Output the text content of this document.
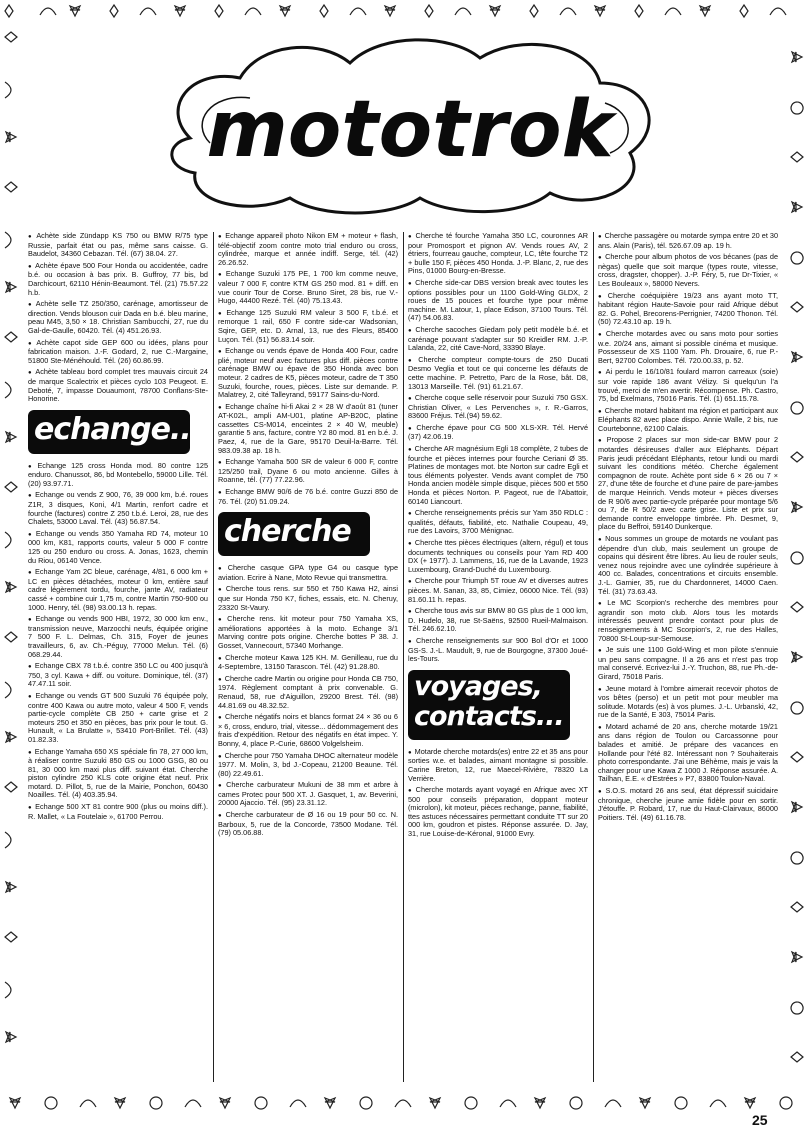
mototrok

● Achète side Zündapp KS 750 ou BMW R/75 type Russie, parfait état ou pas, même sans caisse. G. Baudelot, 34360 Cebazan. Tél. (67) 38.04. 27.

● Achète épave 500 Four Honda ou accidentée, cadre b.é. ou occasion à bas prix. B. Guffroy, 77 bis, bd Darchicourt, 62110 Hénin-Beaumont. Tél. (21) 75.57.22 h.b.

● Achète selle TZ 250/350, carénage, amortisseur de direction. Vends blouson cuir Dada en b.é. bleu marine, peau M45, 3,50 × 18. Christian Sambucchi, 27, rue du Gal-de-Gaulle, 60420. Tél. (4) 451.26.93.

● Achète capot side GEP 600 ou idées, plans pour fabrication maison. J.-F. Godard, 2, rue C.-Margaine, 51800 Ste-Ménéhould. Tél. (26) 60.86.99.

● Achète tableau bord complet tres mauvais circuit 24 de marque Scalectrix et pièces cyclo 103 Peugeot. E. Deboté, 7, impasse Douaumont, 78700 Conflans-Ste-Honorine.

echange..

● Echange 125 cross Honda mod. 80 contre 125 enduro. Chanussot, 86, bd Montebello, 59000 Lille. Tél. (20) 93.97.71.

● Echange ou vends Z 900, 76, 39 000 km, b.é. roues Z1R, 3 disques, Koni, 4/1 Martin, renfort cadre et fourche (factures) contre Z 250 t.b.é. Leroi, 28, rue des Chalets, 53000 Laval. Tél. (43) 56.87.54.

● Echange ou vends 350 Yamaha RD 74, moteur 10 000 km, K81, rapports courts, valeur 5 000 F contre 125 ou 250 enduro ou cross. A. Jonas, 1623, chemin du Riou, 06140 Vence.

● Echange Yam 2C bleue, carénage, 4/81, 6 000 km + LC en pièces détachées, moteur 0 km, entière sauf cadre légèrement tordu, fourche, jante AV, radiateur cassé + combine cuir 1,75 m, contre Martin 750-900 ou 1000. Henry, tél. (98) 93.00.13 h. repas.

● Echange ou vends 900 HBI, 1972, 30 000 km env., transmission neuve, Marzocchi neufs, équipée origine 7 500 F. L. Delmas, Ch. 315, Foyer de jeunes travailleurs, 6, av. Ch.-Péguy, 77000 Melun. Tél. (6) 068.29.44.

● Echange CBX 78 t.b.é. contre 350 LC ou 400 jusqu'à 750, 3 cyl. Kawa + diff. ou voiture. Dominique, tél. (37) 47.47.11 soir.

● Echange ou vends GT 500 Suzuki 76 équipée poly, contre 400 Kawa ou autre moto, valeur 4 500 F, vends partie-cycle complète CB 250 + carte grise et 2 moteurs 250 et 350 en pièces, bas prix pour le tout. G. Hunault, « La Brulatte », 53410 Port-Brillet. Tél. (43) 01.82.33.

● Echange Yamaha 650 XS spéciale fin 78, 27 000 km, à réaliser contre Suzuki 850 GS ou 1000 GSG, 80 ou 81, 30 000 km maxi plus diff. suivant état. Cherche piston cylindre 250 KLS cote origine état neuf. Prix motard. D. Pillot, 5, rue de la Mairie, Ponchon, 60430 Noailles. Tél. (4) 403.35.94.

● Echange 500 XT 81 contre 900 (plus ou moins diff.). R. Mallet, « La Foutelaie », 61700 Perrou.

● Echange appareil photo Nikon EM + moteur + flash, télé-objectif zoom contre moto trial enduro ou cross, cylindrée, marque et année indiff. Serge, tél. (42) 26.26.52.

● Echange Suzuki 175 PE, 1 700 km comme neuve, valeur 7 000 F, contre KTM GS 250 mod. 81 + diff. en vue courir Tour de Corse. Bruno Siret, 28 bis, rue V.-Hugo, 44400 Rezé. Tél. (40) 75.13.43.

● Echange 125 Suzuki RM valeur 3 500 F, t.b.é. et remorque 1 rail, 650 F contre side-car Wadsonian, Sqire, GEP, etc. D. Arnal, 13, rue des Fleurs, 85400 Luçon. Tél. (51) 56.83.14 soir.

● Echange ou vends épave de Honda 400 Four, cadre plié, moteur neuf avec factures plus diff. pièces contre carénage BMW ou épave de 350 Honda avec bon moteur. 2 cadres de K5, pièces moteur, cadre de T 350 Suzuki, fourche, roues, pièces. Liste sur demande. P. Malatrey, 2, cité Talleyrand, 59177 Sains-du-Nord.

● Echange chaîne hi-fi Akai 2 × 28 W d'août 81 (tuner AT-K02L, ampli AM-U01, platine AP-B20C, platine cassettes CS-M014, enceintes 2 × 40 W, meuble) garantie 5 ans, facture, contre Y2 80 mod. 81 en b.é. J. Paez, 4, rue de la Gare, 95170 Deuil-la-Barre. Tél. 983.09.38 ap. 18 h.

● Echange Yamaha 500 SR de valeur 6 000 F, contre 125/250 trail, Dyane 6 ou moto ancienne. Gilles à Roanne, tél. (77) 77.22.96.

● Echange BMW 90/6 de 76 b.é. contre Guzzi 850 de 76. Tél. (20) 51.09.24.

cherche

● Cherche casque GPA type G4 ou casque type aviation. Ecrire à Nane, Moto Revue qui transmettra.

● Cherche tous rens. sur 550 et 750 Kawa H2, ainsi que sur Honda 750 K7, fiches, essais, etc. N. Cheruy, 23320 St-Vaury.

● Cherche rens. kit moteur pour 750 Yamaha XS, améliorations apportées à la moto. Echange 3/1 Marving contre pots origine. Cherche bottes P 38. J. Gosset, Vannecourt, 57340 Morhange.

● Cherche moteur Kawa 125 KH. M. Genilleau, rue du 4-Septembre, 13150 Tarascon. Tél. (42) 91.28.80.

● Cherche cadre Martin ou origine pour Honda CB 750, 1974. Règlement comptant à prix convenable. G. Renaud, 58, rue d'Aiguillon, 29200 Brest. Tél. (98) 44.81.69 ou 48.32.52.

● Cherche négatifs noirs et blancs format 24 × 36 ou 6 × 6, cross, enduro, trial, vitesse... dédommagement des frais d'expédition. Retour des négatifs en état impec. Y. Bonny, 4, place P.-Curie, 68600 Volgelsheim.

● Cherche pour 750 Yamaha DHOC alternateur modèle 1977. M. Molin, 3, bd J.-Copeau, 21200 Beaune. Tél. (80) 22.49.61.

● Cherche carburateur Mukuni de 38 mm et arbre à cames Protec pour 500 XT. J. Gasquet, 1, av. Beverini, 20000 Ajaccio. Tél. (95) 23.31.12.

● Cherche carburateur de Ø 16 ou 19 pour 50 cc. N. Barboux, 5, rue de la Concorde, 73500 Modane. Tél. (79) 05.06.88.

● Cherche té fourche Yamaha 350 LC, couronnes AR pour Promosport et pignon AV. Vends roues AV, 2 étriers, fourreau gauche, compteur, LC, tête fourche T2 + bulle 150 F, pièces 450 Honda. J.-P. Blanc, 2, rue des Pins, 01000 Bourg-en-Bresse.

● Cherche side-car DBS version break avec toutes les options possibles pour un 1100 Gold-Wing GLDX, 2 roues de 15 pouces et fourche type pour même machine. M. Latour, 1, place Edison, 37100 Tours. Tél. (47) 54.06.83.

● Cherche sacoches Giedam poly petit modèle b.é. et carénage pouvant s'adapter sur 50 Kreidler RM. J.-P. Lalanda, 22, cité Cave-Nord, 33390 Blaye.

● Cherche compteur compte-tours de 250 Ducati Desmo Veglia et tout ce qui concerne les défauts de cette machine. P. Petretto, Parc de la Rose, bât. D8, 13013 Marseille. Tél. (91) 61.21.67.

● Cherche coque selle réservoir pour Suzuki 750 GSX. Christian Oliver, « Les Pervenches », r. R.-Garros, 83600 Fréjus. Tél.(94) 59.62.

● Cherche épave pour CG 500 XLS-XR. Tél. Hervé (37) 42.06.19.

● Cherche AR magnésium Egli 18 complète, 2 tubes de fourche et pièces internes pour fourche Ceriani Ø 35. Platines de montages mot. bte Norton sur cadre Egli et tous éléments polyester. Vends avant complet de 750 Honda ancien modèle simple disque, pièces 500 et 550 Honda et pièces Norton. P. Pageot, rue de l'Abattoir, 60140 Liancourt.

● Cherche renseignements précis sur Yam 350 RDLC : qualités, défauts, fiabilité, etc. Nathalie Coupeau, 49, rue des Lavoirs, 3700 Ménignac.

● Cherche ttes pièces électriques (altern, régul) et tous documents techniques ou conseils pour Yam RD 400 DX (+ 1977). J. Lammens, 16, rue de la Lavande, 1923 Luxembourg, Grand-Duché du Luxembourg.

● Cherche pour Triumph 5T roue AV et diverses autres pièces. M. Sanan, 33, 85, Cimiez, 06000 Nice. Tél. (93) 81.60.11 h. repas.

● Cherche tous avis sur BMW 80 GS plus de 1 000 km, D. Hudelo, 38, rue St-Saëns, 92500 Rueil-Malmaison. Tél. 246.62.10.

● Cherche renseignements sur 900 Bol d'Or et 1000 GS-S. J.-L. Maudult, 9, rue de Bourgogne, 37300 Joué-les-Tours.

voyages,
contacts...

● Motarde cherche motards(es) entre 22 et 35 ans pour sorties w.e. et balades, aimant montagne si possible. Carine Breton, 12, rue Maecel-Rivière, 78320 La Verrière.

● Cherche motards ayant voyagé en Afrique avec XT 500 pour conseils préparation, doppant moteur (microlon), kit moteur, pièces rechange, panne, fiabilité, ttes astuces nécessaires permettant conduite TT sur 20 000 km, goudron et pistes. Réponse assurée. D. Jay, 31, rue Louise-de-Kéronal, 91000 Evry.

● Cherche passagère ou motarde sympa entre 20 et 30 ans. Alain (Paris), tél. 526.67.09 ap. 19 h.

● Cherche pour album photos de vos bécanes (pas de nègas) quelle que soit marque (types route, vitesse, cross, dragster, chopper). J.-P. Féry, 5, rue Dr-Tixier, « Les Bouleaux », 58000 Nevers.

● Cherche coéquipière 19/23 ans ayant moto TT, habitant région Haute-Savoie pour raid Afrique début 82. G. Pohel, Brecorens-Perrignier, 74200 Thonon. Tél. (50) 72.43.10 ap. 19 h.

● Cherche motardes avec ou sans moto pour sorties w.e. 20/24 ans, aimant si possible cinéma et musique. Possesseur de XS 1100 Yam. Ph. Drouaire, 6, rue P.-Bert, 92700 Colombes. Tél. 720.00.33, p. 52.

● Ai perdu le 16/10/81 foulard marron carreaux (soie) sur voie rapide 186 avant Vélizy. Si quelqu'un l'a trouvé, merci de m'en avertir. Récompense. Ph. Castro, 75, bd Exelmans, 75016 Paris. Tél. (1) 651.15.78.

● Cherche motard habitant ma région et participant aux Eléphants 82 avec place dispo. Annie Walle, 2 bis, rue Courtebonne, 62100 Calais.

● Propose 2 places sur mon side-car BMW pour 2 motardes désireuses d'aller aux Eléphants. Départ Paris jeudi précédant Eléphants, retour lundi ou mardi suivant les conditions météo. Cherche également compagnon de route. Achète pont side 6 × 26 ou 7 × 27, d'une tête de fourche et d'une paire de pare-jambes de marque Heinrich. Vends moteur + pièces diverses de R 90/6 avec partie-cycle préparée pour montage 5/6 ou 7, de R 50/2 avec carte grise. Liste et prix sur demande contre enveloppe timbrée. Ph. Desmet, 9, place du Beffroi, 59140 Dunkerque.

● Nous sommes un groupe de motards ne voulant pas dépendre d'un club, mais seulement un groupe de copains qui désirent être libres. Au lieu de rouler seuls, venez nous rejoindre avec une cylindrée supérieure à 400 cc. Balades, concentrations et circuits ensemble. J.-L. Garnier, 35, rue du Chardonneret, 14000 Caen. Tél. (31) 73.63.43.

● Le MC Scorpion's recherche des membres pour agrandir son moto club. Alors tous les motards intéressés peuvent prendre contact pour plus de renseignements à MC Scorpion's, 2, rue des Halles, 70800 St-Loup-sur-Semouse.

● Je suis une 1100 Gold-Wing et mon pilote s'ennuie un peu sans compagne. Il a 26 ans et n'est pas trop mal conservé. Ecrivez-lui J.-Y. Truchon, 88, rue Ph.-de-Girard, 75018 Paris.

● Jeune motard à l'ombre aimerait recevoir photos de vos bêtes (perso) et un petit mot pour meubler ma solitude. Motards (es) à vos plumes. J.-L. Urbanski, 42, rue de la Santé, E 303, 75014 Paris.

● Motard acharné de 20 ans, cherche motarde 19/21 ans dans région de Toulon ou Carcassonne pour balades et amitié. Je prépare des vacances en Hollande pour l'été 82. Intéressant non ? Souhaiterais photo correspondante. J'ai une Béhème, mais je vais la changer pour une Kawa Z 1000 J. Réponse assurée. A. Tailhan, E.E. « d'Estrées » P7, 83800 Toulon-Naval.

● S.O.S. motard 26 ans seul, état dépressif suicidaire chronique, cherche jeune amie fidèle pour en sortir. J'étouffe. P. Robard, 17, rue du Haut-Clairvaux, 86000 Poitiers. Tél. (49) 61.16.78.

25
